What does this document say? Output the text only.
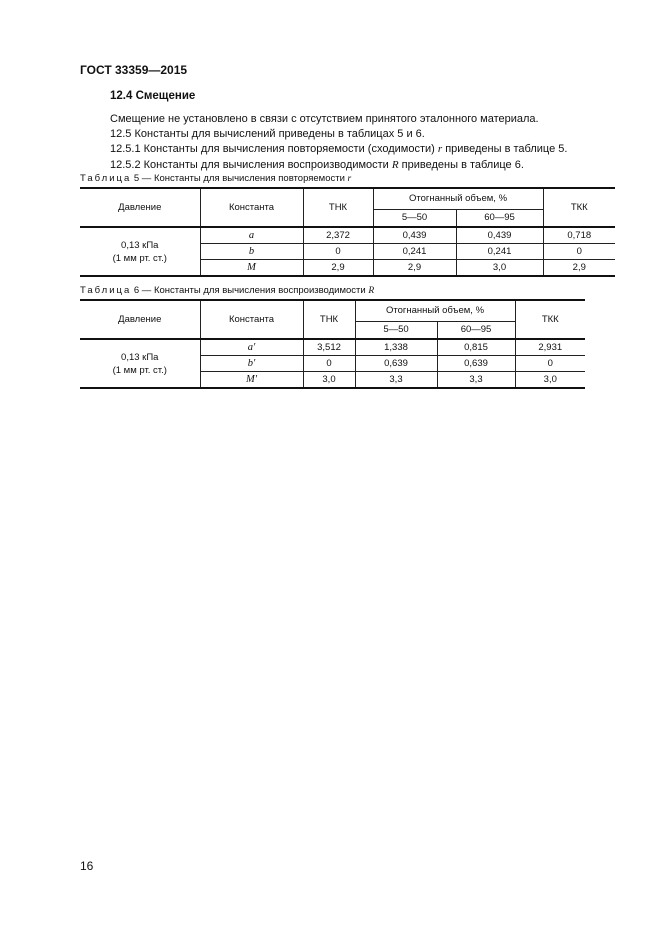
ГОСТ 33359—2015
12.4 Смещение
Смещение не установлено в связи с отсутствием принятого эталонного материала.
12.5 Константы для вычислений приведены в таблицах 5 и 6.
12.5.1 Константы для вычисления повторяемости (сходимости) r приведены в таблице 5.
12.5.2 Константы для вычисления воспроизводимости R приведены в таблице 6.
Таблица 5 — Константы для вычисления повторяемости r
Давление	Константа	ТНК	Отогнанный объем, %		ТКК
			5—50	60—95	

0,13 кПа
(1 мм рт. ст.)	a	2,372	0,439	0,439	0,718
	b	0	0,241	0,241	0
	M	2,9	2,9	3,0	2,9
Таблица 6 — Константы для вычисления воспроизводимости R
Давление	Константа	ТНК	Отогнанный объем, %		ТКК
			5—50	60—95	

0,13 кПа
(1 мм рт. ст.)	a′	3,512	1,338	0,815	2,931
	b′	0	0,639	0,639	0
	M′	3,0	3,3	3,3	3,0
16
